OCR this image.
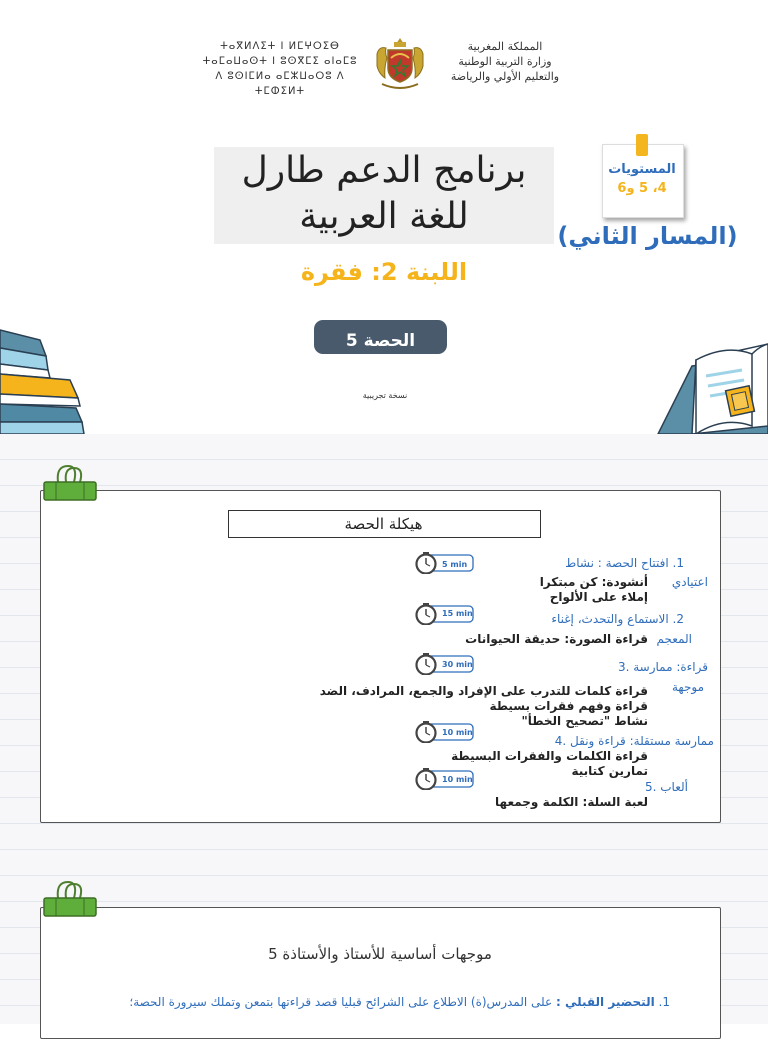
ⵜⴰⴳⵍⴷⵉⵜ ⵏ ⵍⵎⵖⵔⵉⴱ
ⵜⴰⵎⴰⵡⴰⵙⵜ ⵏ ⵓⵙⴳⵎⵉ ⴰⵏⴰⵎⵓ
ⴷ ⵓⵙⵏⵎⵍⴰ ⴰⵎⵣⵡⴰⵔⵓ ⴷ ⵜⵎⵀⵉⵍⵜ
المملكة المغربية
وزارة التربية الوطنية
والتعليم الأولي والرياضة
برنامج الدعم طارل
للغة العربية	(المسار الثاني)
اللبنة 2: فقرة
المستويات
4، 5 و6
الحصة 5
نسخة تجريبية
هيكلة الحصة
1. افتتاح الحصة : نشاط
اعتيادي
أنشودة: كن مبتكرا
إملاء على الألواح
5 min
2. الاستماع والتحدث، إغناء
المعجم
قراءة الصورة: حديقة الحيوانات
15 min
قراءة: ممارسة .3
موجهة
قراءة كلمات للتدرب على الإفراد والجمع، المرادف، الضد
قراءة وفهم فقرات بسيطة
نشاط "تصحيح الخطأ"
30 min
ممارسة مستقلة: قراءة ونقل .4
قراءة الكلمات والفقرات البسيطة
تمارين كتابية
10 min
ألعاب .5
لعبة السلة: الكلمة وجمعها
10 min
موجهات أساسية للأستاذ والأستاذة 5
1. التحضير القبلي : على المدرس(ة) الاطلاع على الشرائح قبليا قصد قراءتها بتمعن وتملك سيرورة الحصة؛
